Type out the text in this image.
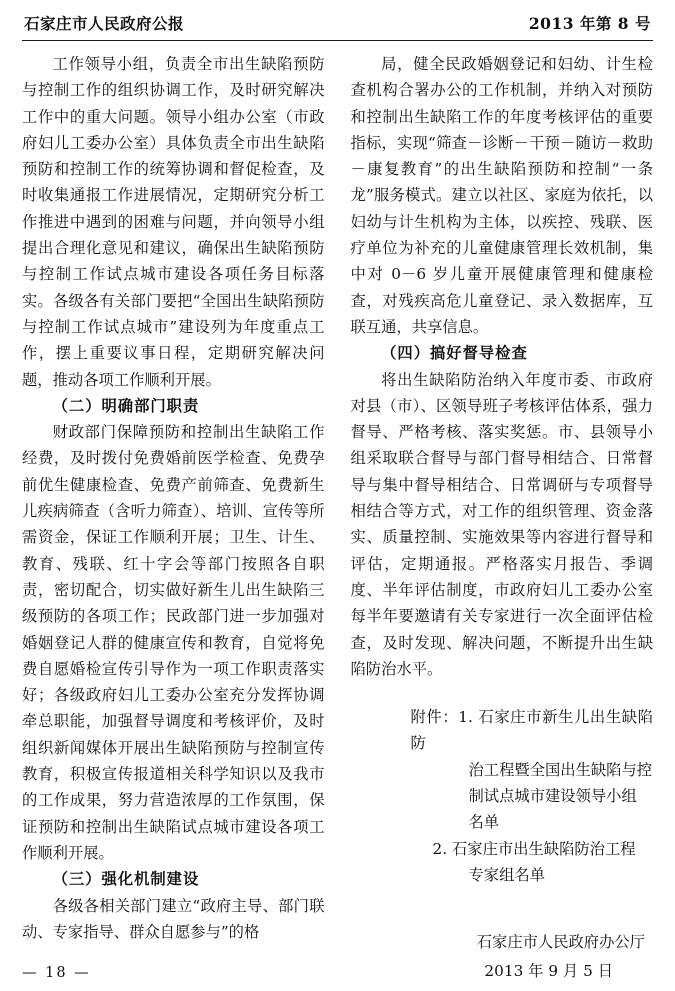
石家庄市人民政府公报	2013 年第 8 号

工作领导小组，负责全市出生缺陷预防与控制工作的组织协调工作，及时研究解决工作中的重大问题。领导小组办公室（市政府妇儿工委办公室）具体负责全市出生缺陷预防和控制工作的统筹协调和督促检查，及时收集通报工作进展情况，定期研究分析工作推进中遇到的困难与问题，并向领导小组提出合理化意见和建议，确保出生缺陷预防与控制工作试点城市建设各项任务目标落实。各级各有关部门要把“全国出生缺陷预防与控制工作试点城市”建设列为年度重点工作，摆上重要议事日程，定期研究解决问题，推动各项工作顺利开展。

（二）明确部门职责

财政部门保障预防和控制出生缺陷工作经费，及时拨付免费婚前医学检查、免费孕前优生健康检查、免费产前筛查、免费新生儿疾病筛查（含听力筛查）、培训、宣传等所需资金，保证工作顺利开展；卫生、计生、教育、残联、红十字会等部门按照各自职责，密切配合，切实做好新生儿出生缺陷三级预防的各项工作；民政部门进一步加强对婚姻登记人群的健康宣传和教育，自觉将免费自愿婚检宣传引导作为一项工作职责落实好；各级政府妇儿工委办公室充分发挥协调牵总职能，加强督导调度和考核评价，及时组织新闻媒体开展出生缺陷预防与控制宣传教育，积极宣传报道相关科学知识以及我市的工作成果，努力营造浓厚的工作氛围，保证预防和控制出生缺陷试点城市建设各项工作顺利开展。

（三）强化机制建设

各级各相关部门建立“政府主导、部门联动、专家指导、群众自愿参与”的格

局，健全民政婚姻登记和妇幼、计生检查机构合署办公的工作机制，并纳入对预防和控制出生缺陷工作的年度考核评估的重要指标，实现“筛查－诊断－干预－随访－救助－康复教育”的出生缺陷预防和控制“一条龙”服务模式。建立以社区、家庭为依托，以妇幼与计生机构为主体，以疾控、残联、医疗单位为补充的儿童健康管理长效机制，集中对 0－6 岁儿童开展健康管理和健康检查，对残疾高危儿童登记、录入数据库，互联互通，共享信息。

（四）搞好督导检查

将出生缺陷防治纳入年度市委、市政府对县（市）、区领导班子考核评估体系，强力督导、严格考核、落实奖惩。市、县领导小组采取联合督导与部门督导相结合、日常督导与集中督导相结合、日常调研与专项督导相结合等方式，对工作的组织管理、资金落实、质量控制、实施效果等内容进行督导和评估，定期通报。严格落实月报告、季调度、半年评估制度，市政府妇儿工委办公室每半年要邀请有关专家进行一次全面评估检查，及时发现、解决问题，不断提升出生缺陷防治水平。

附件：1. 石家庄市新生儿出生缺陷防

治工程暨全国出生缺陷与控

制试点城市建设领导小组

名单

2. 石家庄市出生缺陷防治工程

专家组名单

石家庄市人民政府办公厅
2013 年 9 月 5 日
— 18 —
